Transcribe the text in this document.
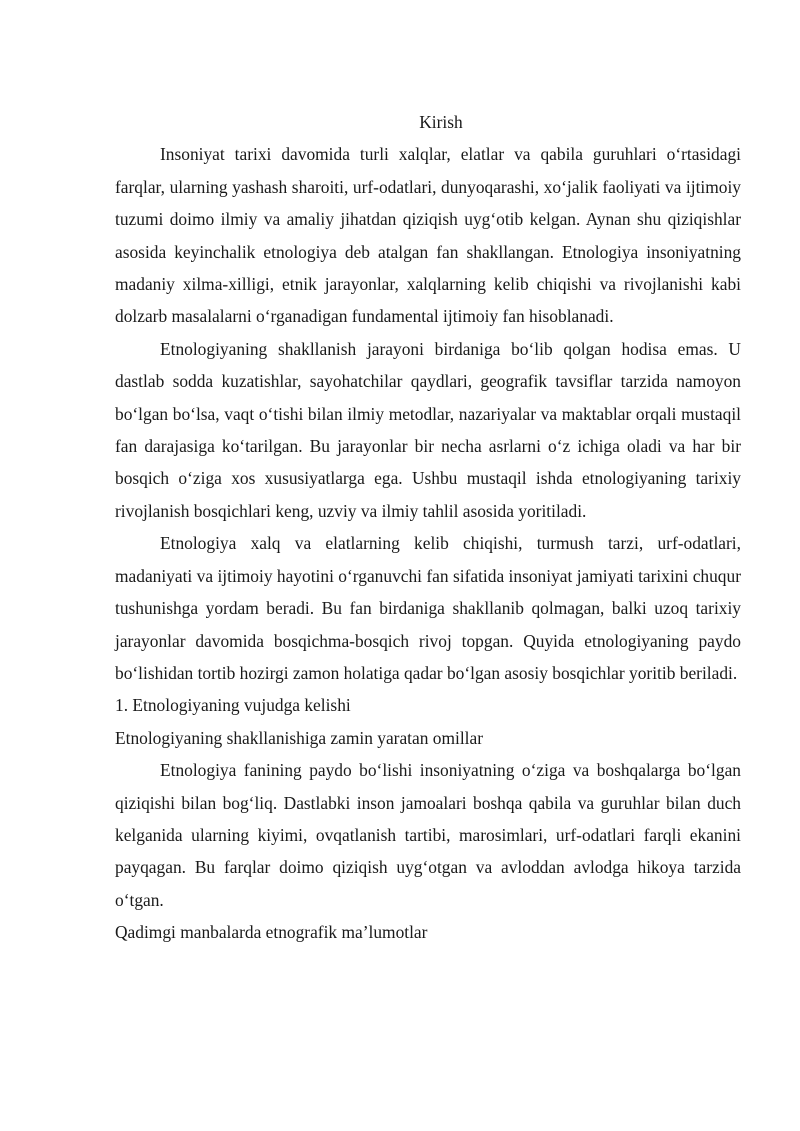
Kirish

Insoniyat tarixi davomida turli xalqlar, elatlar va qabila guruhlari o‘rtasidagi farqlar, ularning yashash sharoiti, urf-odatlari, dunyoqarashi, xo‘jalik faoliyati va ijtimoiy tuzumi doimo ilmiy va amaliy jihatdan qiziqish uyg‘otib kelgan. Aynan shu qiziqishlar asosida keyinchalik etnologiya deb atalgan fan shakllangan. Etnologiya insoniyatning madaniy xilma-xilligi, etnik jarayonlar, xalqlarning kelib chiqishi va rivojlanishi kabi dolzarb masalalarni o‘rganadigan fundamental ijtimoiy fan hisoblanadi.

Etnologiyaning shakllanish jarayoni birdaniga bo‘lib qolgan hodisa emas. U dastlab sodda kuzatishlar, sayohatchilar qaydlari, geografik tavsiflar tarzida namoyon bo‘lgan bo‘lsa, vaqt o‘tishi bilan ilmiy metodlar, nazariyalar va maktablar orqali mustaqil fan darajasiga ko‘tarilgan. Bu jarayonlar bir necha asrlarni o‘z ichiga oladi va har bir bosqich o‘ziga xos xususiyatlarga ega. Ushbu mustaqil ishda etnologiyaning tarixiy rivojlanish bosqichlari keng, uzviy va ilmiy tahlil asosida yoritiladi.

Etnologiya xalq va elatlarning kelib chiqishi, turmush tarzi, urf-odatlari, madaniyati va ijtimoiy hayotini o‘rganuvchi fan sifatida insoniyat jamiyati tarixini chuqur tushunishga yordam beradi. Bu fan birdaniga shakllanib qolmagan, balki uzoq tarixiy jarayonlar davomida bosqichma-bosqich rivoj topgan. Quyida etnologiyaning paydo bo‘lishidan tortib hozirgi zamon holatiga qadar bo‘lgan asosiy bosqichlar yoritib beriladi.

1. Etnologiyaning vujudga kelishi
Etnologiyaning shakllanishiga zamin yaratan omillar

Etnologiya fanining paydo bo‘lishi insoniyatning o‘ziga va boshqalarga bo‘lgan qiziqishi bilan bog‘liq. Dastlabki inson jamoalari boshqa qabila va guruhlar bilan duch kelganida ularning kiyimi, ovqatlanish tartibi, marosimlari, urf-odatlari farqli ekanini payqagan. Bu farqlar doimo qiziqish uyg‘otgan va avloddan avlodga hikoya tarzida o‘tgan.

Qadimgi manbalarda etnografik ma’lumotlar
